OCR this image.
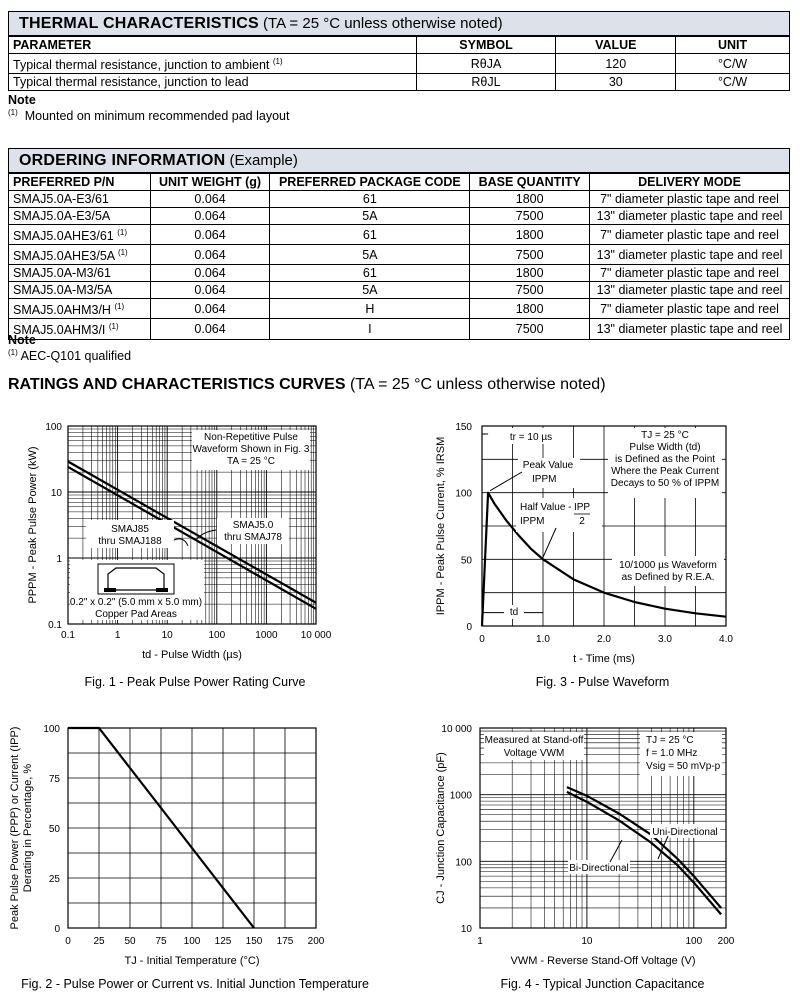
THERMAL CHARACTERISTICS (TA = 25 °C unless otherwise noted)
PARAMETER	SYMBOL	VALUE	UNIT
Typical thermal resistance, junction to ambient $^{(1)}$	RθJA	120	°C/W
Typical thermal resistance, junction to lead	RθJL	30	°C/W
Note
$^{(1)}$ Mounted on minimum recommended pad layout
ORDERING INFORMATION (Example)
PREFERRED P/N	UNIT WEIGHT (g)	PREFERRED PACKAGE CODE	BASE QUANTITY	DELIVERY MODE
SMAJ5.0A-E3/61	0.064	61	1800	7" diameter plastic tape and reel
SMAJ5.0A-E3/5A	0.064	5A	7500	13" diameter plastic tape and reel
SMAJ5.0AHE3/61 $^{(1)}$	0.064	61	1800	7" diameter plastic tape and reel
SMAJ5.0AHE3/5A $^{(1)}$	0.064	5A	7500	13" diameter plastic tape and reel
SMAJ5.0A-M3/61	0.064	61	1800	7" diameter plastic tape and reel
SMAJ5.0A-M3/5A	0.064	5A	7500	13" diameter plastic tape and reel
SMAJ5.0AHM3/H $^{(1)}$	0.064	H	1800	7" diameter plastic tape and reel
SMAJ5.0AHM3/I $^{(1)}$	0.064	I	7500	13" diameter plastic tape and reel
Note
$^{(1)}$ AEC-Q101 qualified
RATINGS AND CHARACTERISTICS CURVES (TA = 25 °C unless otherwise noted)
0.1	1	10	100	1000 10 000
0.1
1
10
100
td - Pulse Width (µs)
PPPM - Peak Pulse Power (kW)
Non-Repetitive Pulse
Waveform Shown in Fig. 3
TA = 25 °C
SMAJ5.0
thru SMAJ78
SMAJ85
thru SMAJ188
0.2" x 0.2" (5.0 mm x 5.0 mm)
Copper Pad Areas
0	1.0	2.0	3.0	4.0
0
50
100
150
t - Time (ms)
IPPM - Peak Pulse Current, % IRSM	tr = 10 µs
Peak Value
IPPM
Half Value -
IPPM
IPP
2
TJ = 25 °C
Pulse Width (td)
is Defined as the Point
Where the Peak Current
Decays to 50 % of IPPM
10/1000 µs Waveform
as Defined by R.E.A.
td
0 25 50 75 100 125 150 175 200
0
25
50
75
100
TJ - Initial Temperature (°C)
Peak Pulse Power (PPP) or Current (IPP)Derating in Percentage, %
1	10	100 200
10
100
1000
10 000
VWM - Reverse Stand-Off Voltage (V)
CJ - Junction Capacitance (pF)
Measured at Stand-off
Voltage VWM
TJ = 25 °C
f = 1.0 MHz
Vsig = 50 mVp-p
Uni-Directional
Bi-Directional
Fig. 1 - Peak Pulse Power Rating Curve	Fig. 3 - Pulse Waveform
Fig. 2 - Pulse Power or Current vs. Initial Junction Temperature	Fig. 4 - Typical Junction Capacitance
